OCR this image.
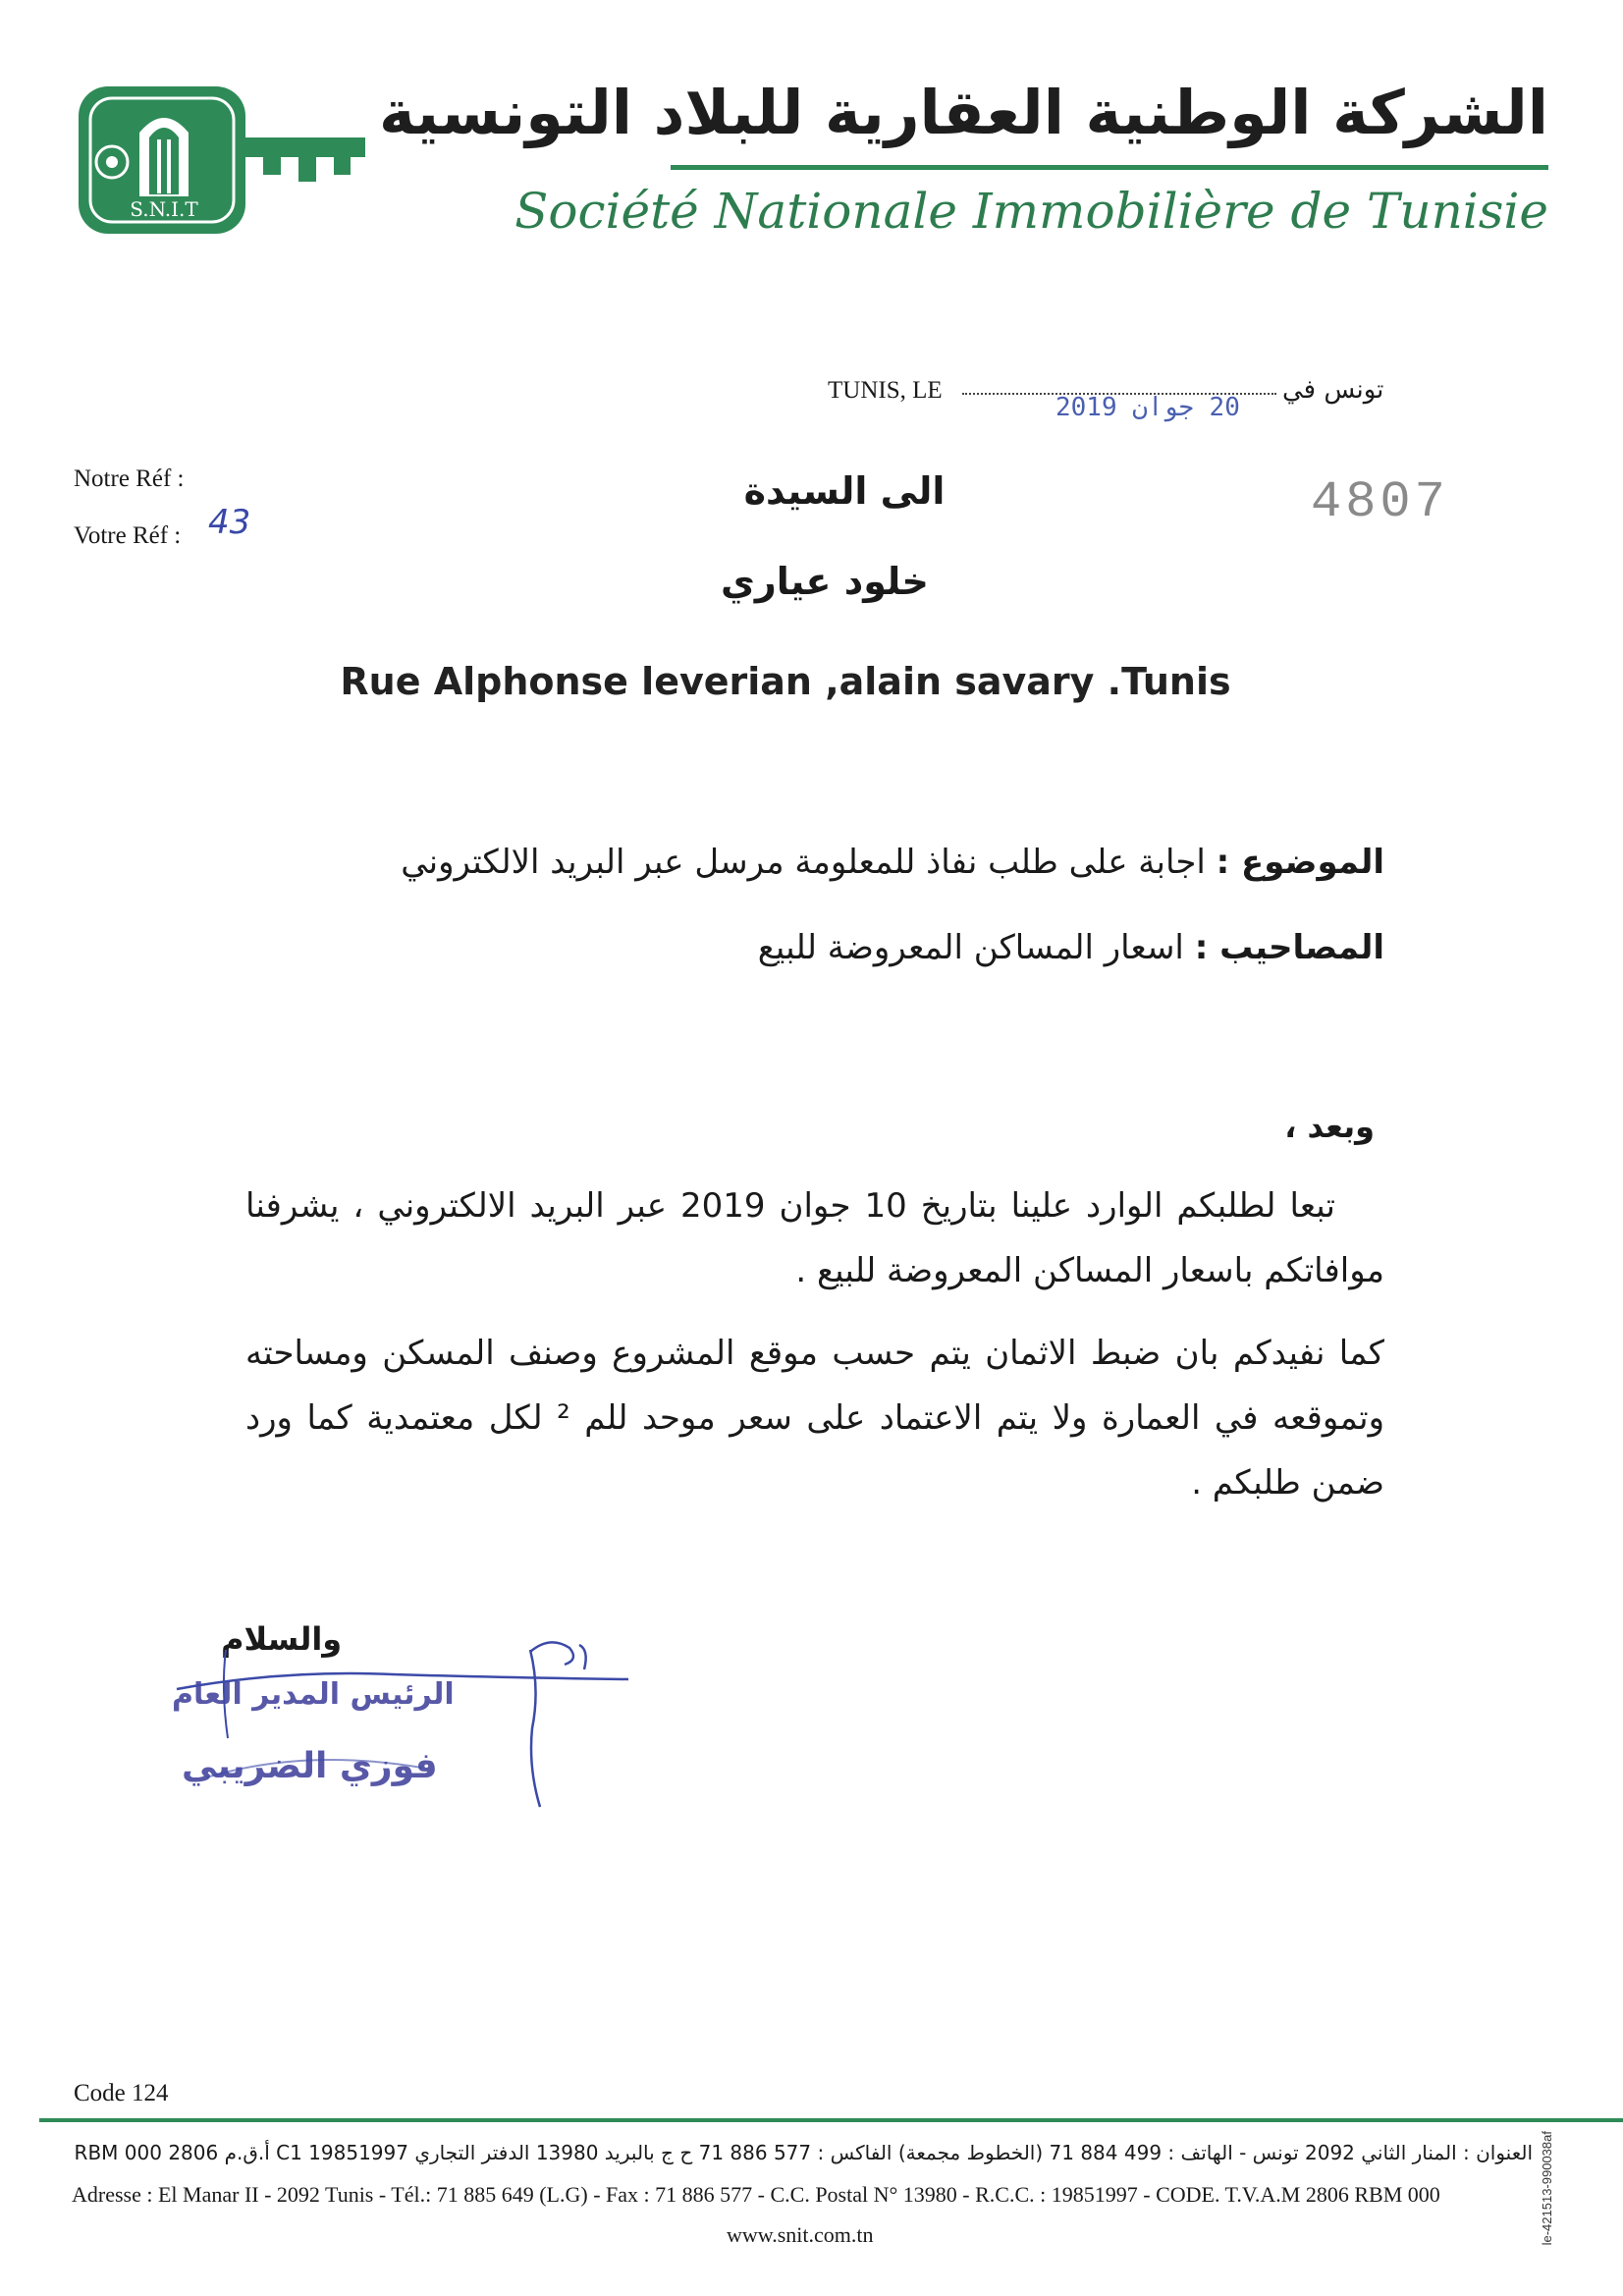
S.N.I.T
الشركة الوطنية العقارية للبلاد التونسية
Société Nationale Immobilière de Tunisie
TUNIS, LE	تونس في
20 جوان 2019
Notre Réf :
Votre Réf : 43	4807
الى السيدة
خلود عياري
Rue Alphonse leverian ,alain savary .Tunis
الموضوع : اجابة على طلب نفاذ للمعلومة مرسل عبر البريد الالكتروني
المصاحيب : اسعار المساكن المعروضة للبيع
وبعد ،
تبعا لطلبكم الوارد علينا بتاريخ 10 جوان 2019 عبر البريد الالكتروني ، يشرفنا موافاتكم باسعار المساكن المعروضة للبيع .
كما نفيدكم بان ضبط الاثمان يتم حسب موقع المشروع وصنف المسكن ومساحته وتموقعه في العمارة ولا يتم الاعتماد على سعر موحد للم ² لكل معتمدية كما ورد ضمن طلبكم .
والسلام
الرئيس المدير العام
فوزي الضريبي
Code 124
العنوان : المنار الثاني 2092 تونس - الهاتف : 499 884 71 (الخطوط مجمعة) الفاكس : 577 886 71 ح ج بالبريد 13980 الدفتر التجاري 19851997 C1 أ.ق.م 2806 RBM 000
Adresse : El Manar II - 2092 Tunis - Tél.: 71 885 649 (L.G) - Fax : 71 886 577 - C.C. Postal N° 13980 - R.C.C. : 19851997 - CODE. T.V.A.M 2806 RBM 000
www.snit.com.tn	le-421513-990038af
